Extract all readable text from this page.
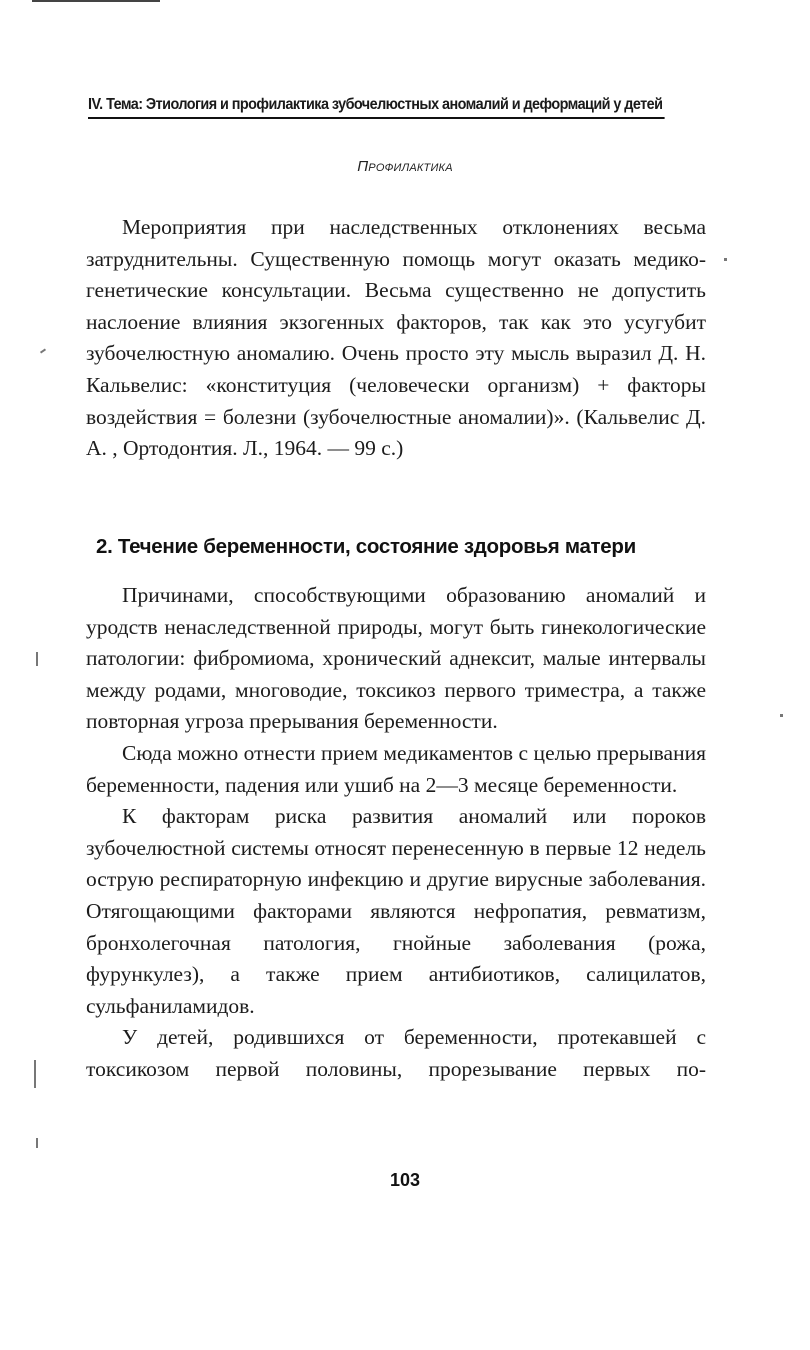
IV. Тема: Этиология и профилактика зубочелюстных аномалий и деформаций у детей
Профилактика

Мероприятия при наследственных отклонениях весьма затруднительны. Существенную помощь могут оказать медико-генетические консультации. Весьма существенно не допустить наслоение влияния экзогенных факторов, так как это усугубит зубочелюстную аномалию. Очень просто эту мысль выразил Д. Н. Кальвелис: «конституция (человечески организм) + факторы воздействия = болезни (зубочелюстные аномалии)». (Кальвелис Д. А. , Ортодонтия. Л., 1964. — 99 с.)

2. Течение беременности, состояние здоровья матери

Причинами, способствующими образованию аномалий и уродств ненаследственной природы, могут быть гинекологические патологии: фибромиома, хронический аднексит, малые интервалы между родами, многоводие, токсикоз первого триместра, а также повторная угроза прерывания беременности.

Сюда можно отнести прием медикаментов с целью прерывания беременности, падения или ушиб на 2—3 месяце беременности.

К факторам риска развития аномалий или пороков зубочелюстной системы относят перенесенную в первые 12 недель острую респираторную инфекцию и другие вирусные заболевания. Отягощающими факторами являются нефропатия, ревматизм, бронхолегочная патология, гнойные заболевания (рожа, фурункулез), а также прием антибиотиков, салицилатов, сульфаниламидов.

У детей, родившихся от беременности, протекавшей с токсикозом первой половины, прорезывание первых по-

103
